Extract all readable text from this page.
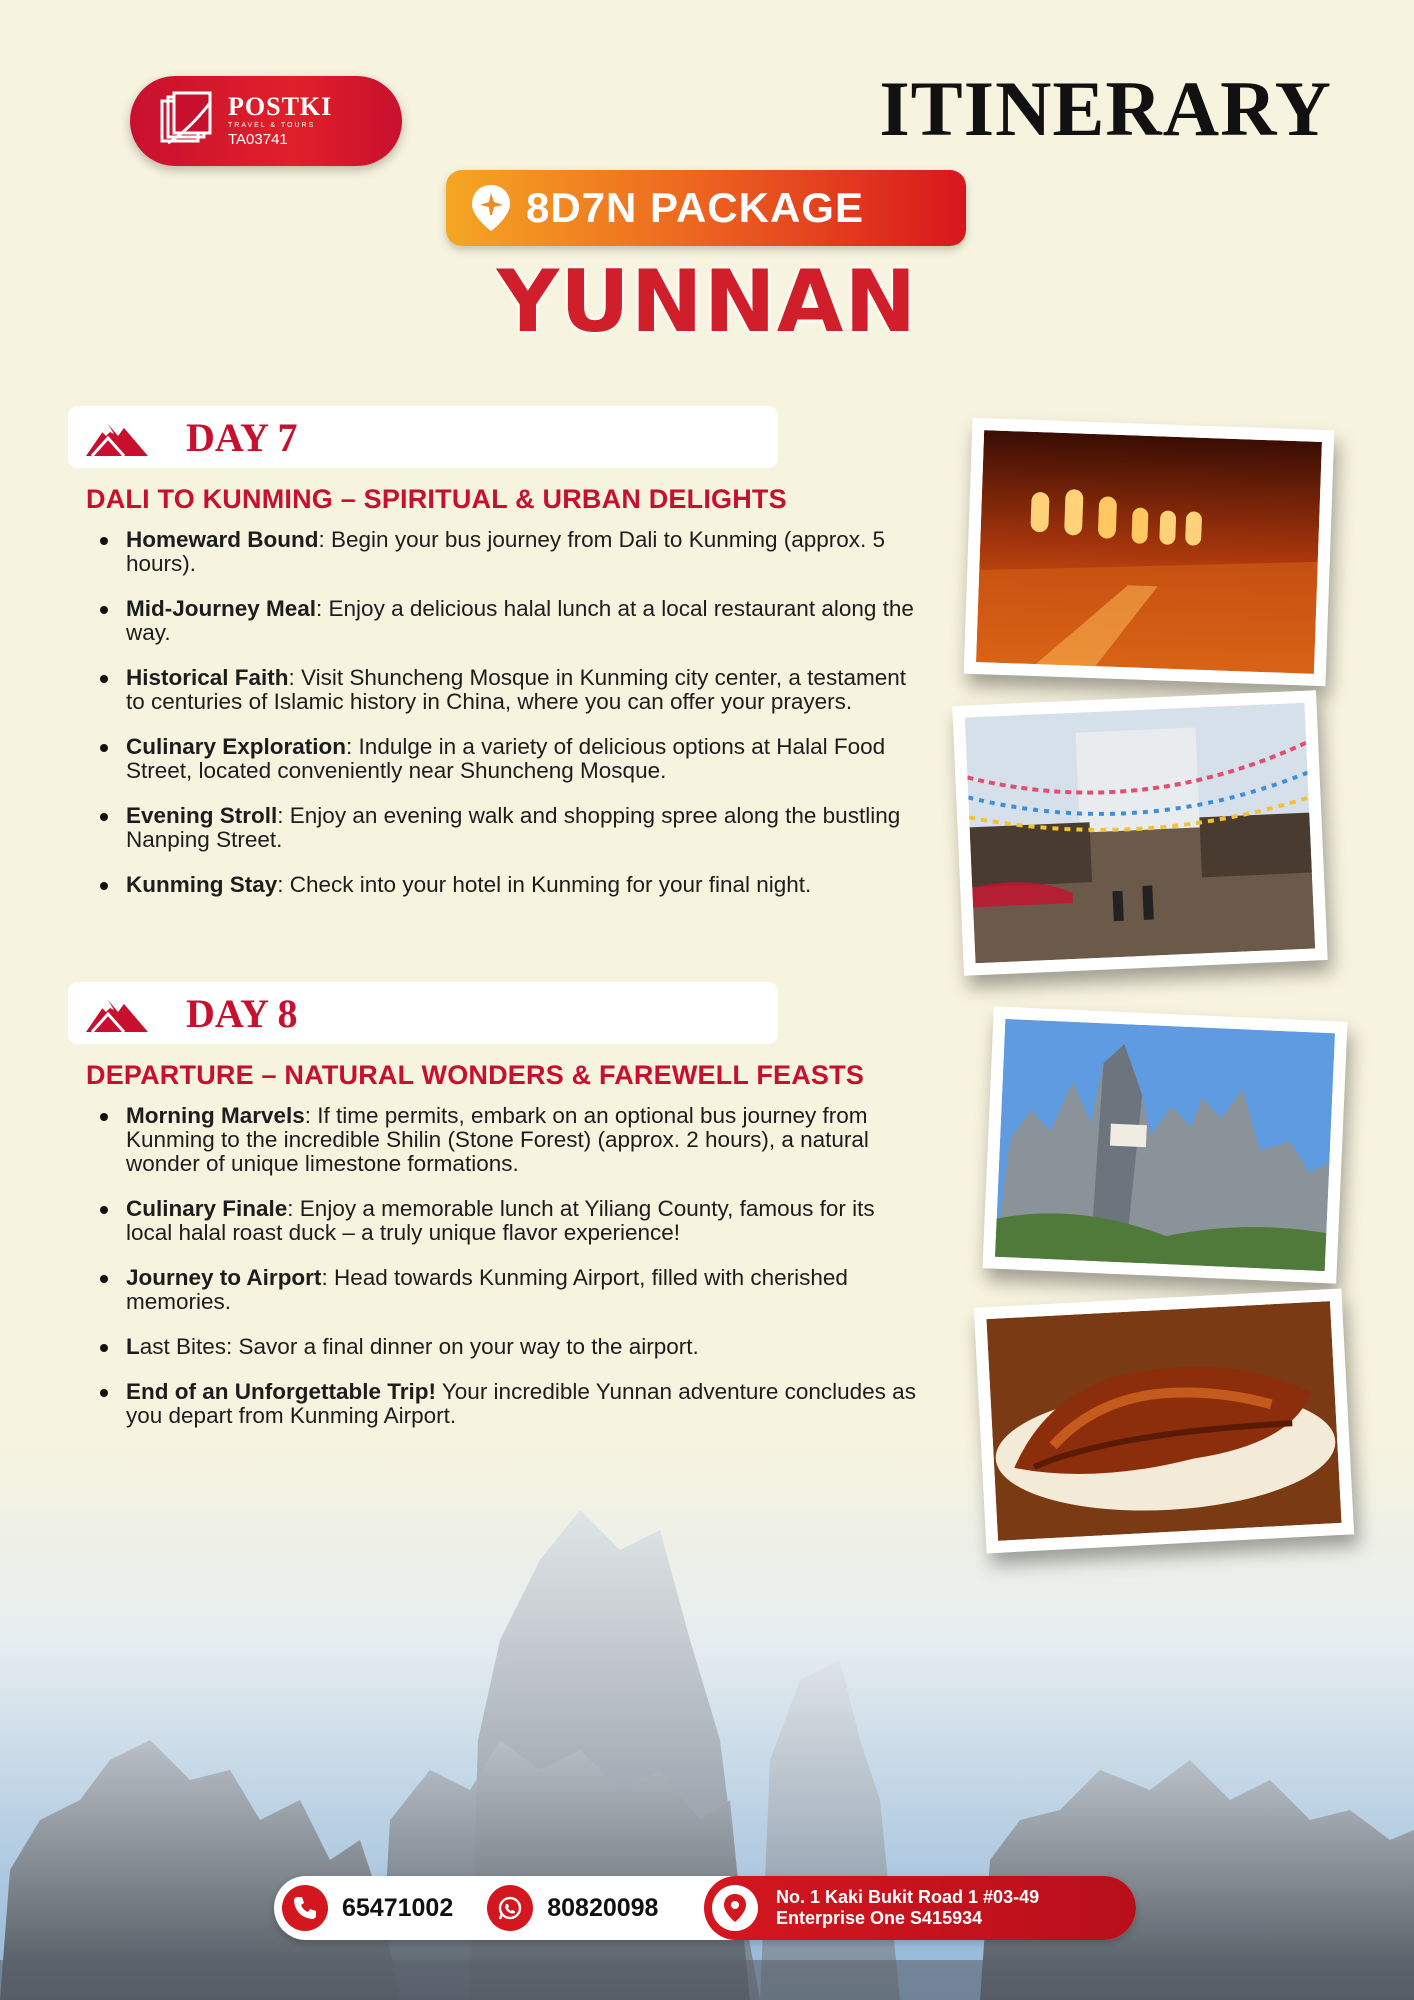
POSTKI
TRAVEL & TOURS
TA03741	ITINERARY
8D7N PACKAGE
YUNNAN
DAY 7
DALI TO KUNMING – SPIRITUAL & URBAN DELIGHTS
Homeward Bound: Begin your bus journey from Dali to Kunming (approx. 5 hours).
Mid-Journey Meal: Enjoy a delicious halal lunch at a local restaurant along the way.
Historical Faith: Visit Shuncheng Mosque in Kunming city center, a testament to centuries of Islamic history in China, where you can offer your prayers.
Culinary Exploration: Indulge in a variety of delicious options at Halal Food Street, located conveniently near Shuncheng Mosque.
Evening Stroll: Enjoy an evening walk and shopping spree along the bustling Nanping Street.
Kunming Stay: Check into your hotel in Kunming for your final night.
DAY 8
DEPARTURE – NATURAL WONDERS & FAREWELL FEASTS
Morning Marvels: If time permits, embark on an optional bus journey from Kunming to the incredible Shilin (Stone Forest) (approx. 2 hours), a natural wonder of unique limestone formations.
Culinary Finale: Enjoy a memorable lunch at Yiliang County, famous for its local halal roast duck – a truly unique flavor experience!
Journey to Airport: Head towards Kunming Airport, filled with cherished memories.
Last Bites: Savor a final dinner on your way to the airport.
End of an Unforgettable Trip! Your incredible Yunnan adventure concludes as you depart from Kunming Airport.
65471002	80820098	No. 1 Kaki Bukit Road 1 #03-49
Enterprise One S415934
